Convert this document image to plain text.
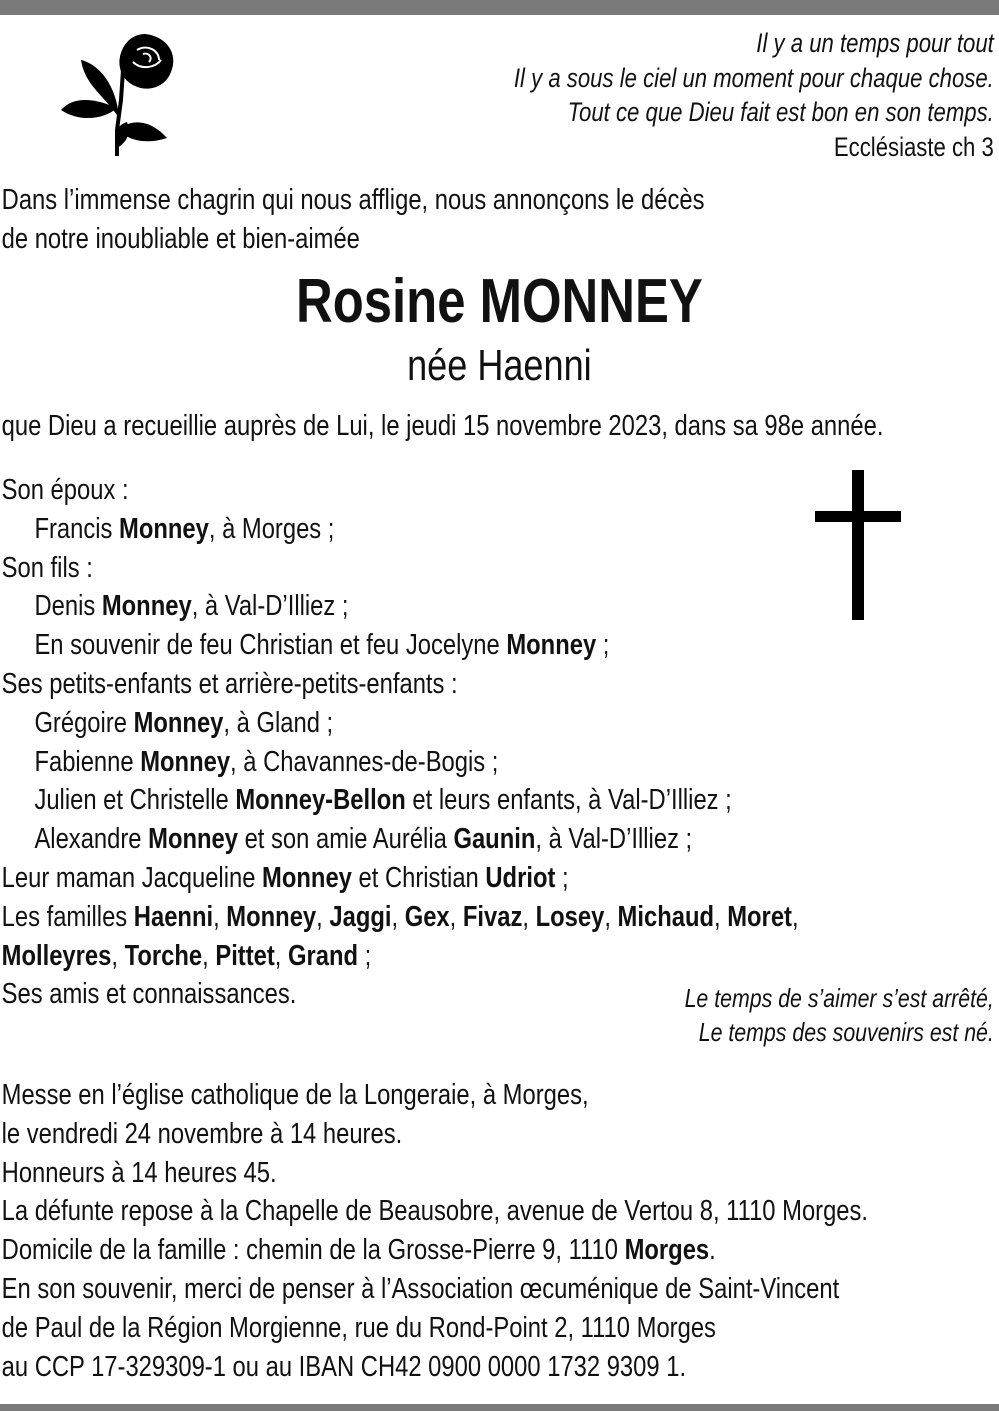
Il y a un temps pour tout
Il y a sous le ciel un moment pour chaque chose.
Tout ce que Dieu fait est bon en son temps.
Ecclésiaste ch 3
Dans l’immense chagrin qui nous afflige, nous annonçons le décès
de notre inoubliable et bien-aimée
Rosine MONNEY
née Haenni
que Dieu a recueillie auprès de Lui, le jeudi 15 novembre 2023, dans sa 98e année.
Son époux :
Francis Monney, à Morges ;
Son fils :
Denis Monney, à Val-D’Illiez ;
En souvenir de feu Christian et feu Jocelyne Monney ;
Ses petits-enfants et arrière-petits-enfants :
Grégoire Monney, à Gland ;
Fabienne Monney, à Chavannes-de-Bogis ;
Julien et Christelle Monney-Bellon et leurs enfants, à Val-D’Illiez ;
Alexandre Monney et son amie Aurélia Gaunin, à Val-D’Illiez ;
Leur maman Jacqueline Monney et Christian Udriot ;
Les familles Haenni, Monney, Jaggi, Gex, Fivaz, Losey, Michaud, Moret,
Molleyres, Torche, Pittet, Grand ;
Ses amis et connaissances.	Le temps de s’aimer s’est arrêté,
Le temps des souvenirs est né.
Messe en l’église catholique de la Longeraie, à Morges,
le vendredi 24 novembre à 14 heures.
Honneurs à 14 heures 45.
La défunte repose à la Chapelle de Beausobre, avenue de Vertou 8, 1110 Morges.
Domicile de la famille : chemin de la Grosse-Pierre 9, 1110 Morges.
En son souvenir, merci de penser à l’Association œcuménique de Saint-Vincent
de Paul de la Région Morgienne, rue du Rond-Point 2, 1110 Morges
au CCP 17-329309-1 ou au IBAN CH42 0900 0000 1732 9309 1.
